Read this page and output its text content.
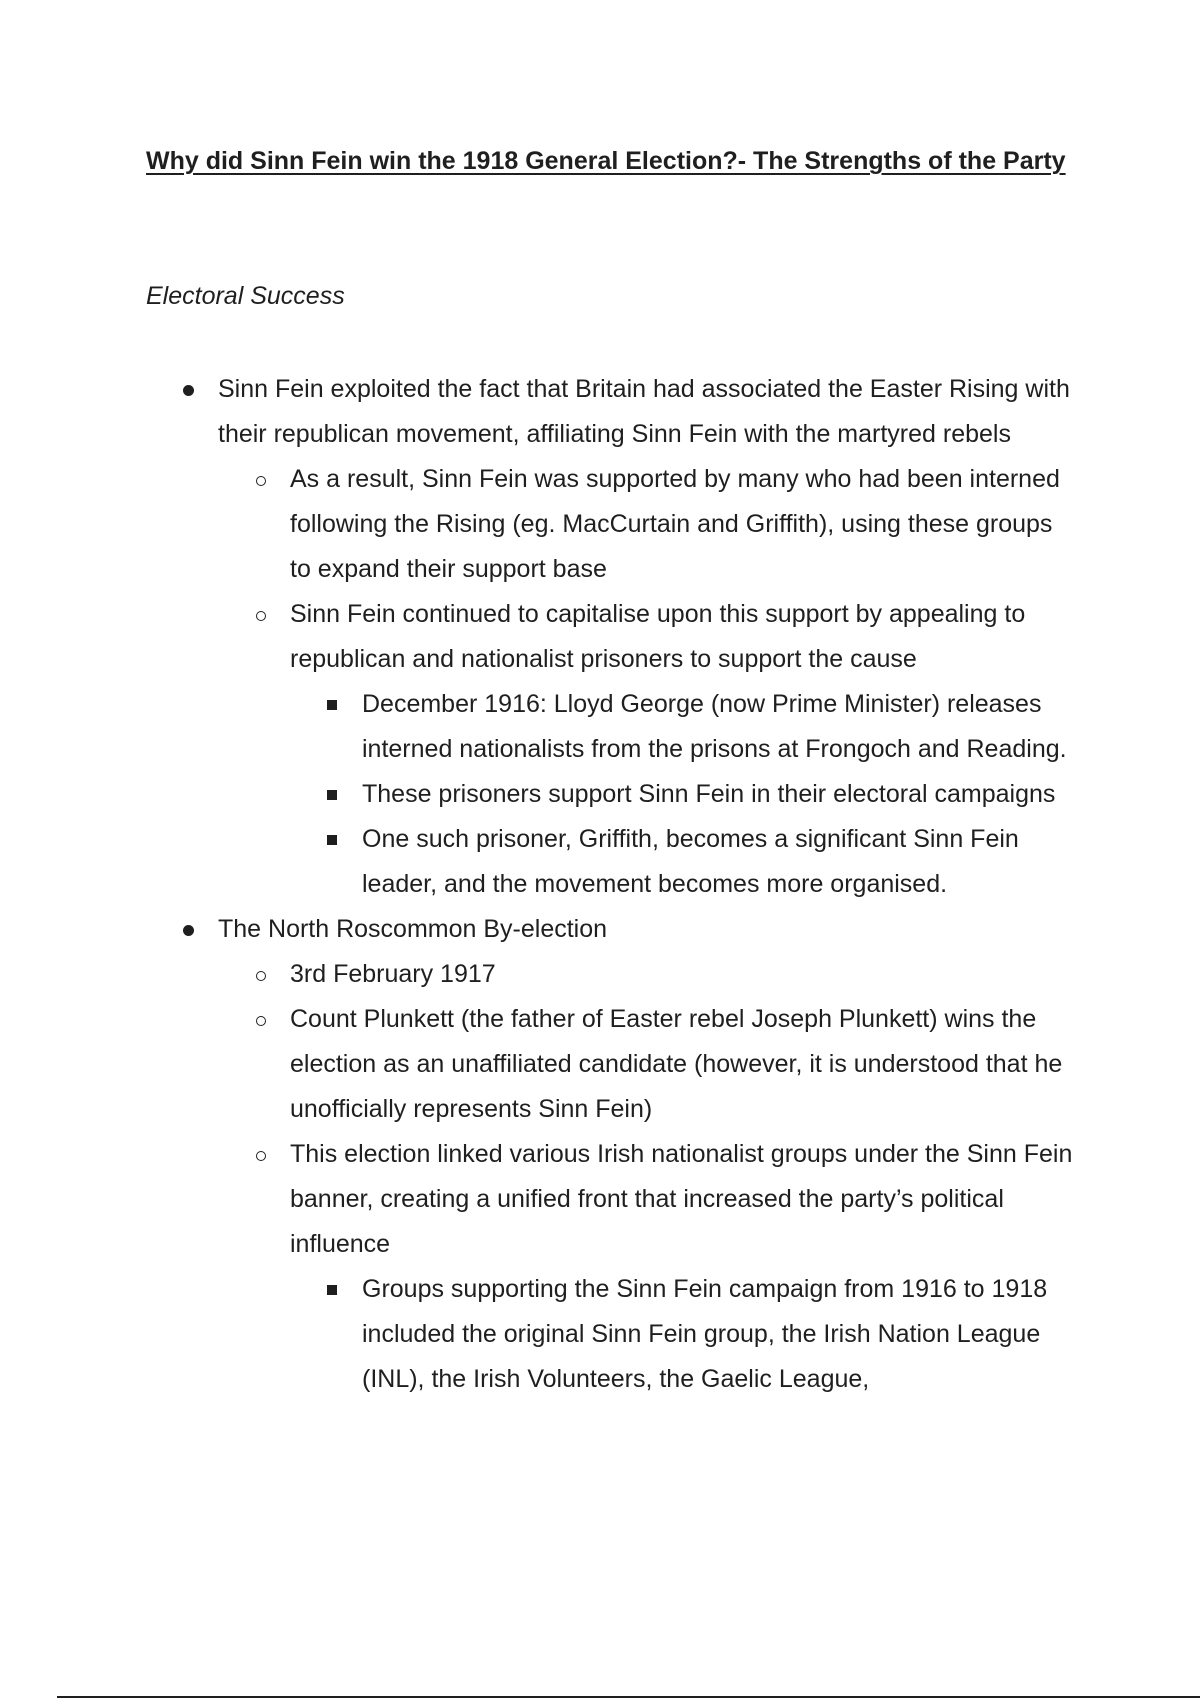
Why did Sinn Fein win the 1918 General Election?- The Strengths of the Party

Electoral Success

Sinn Fein exploited the fact that Britain had associated the Easter Rising with their republican movement, affiliating Sinn Fein with the martyred rebels
As a result, Sinn Fein was supported by many who had been interned following the Rising (eg. MacCurtain and Griffith), using these groups to expand their support base
Sinn Fein continued to capitalise upon this support by appealing to republican and nationalist prisoners to support the cause
December 1916: Lloyd George (now Prime Minister) releases interned nationalists from the prisons at Frongoch and Reading.
These prisoners support Sinn Fein in their electoral campaigns
One such prisoner, Griffith, becomes a significant Sinn Fein leader, and the movement becomes more organised.
The North Roscommon By-election
3rd February 1917
Count Plunkett (the father of Easter rebel Joseph Plunkett) wins the election as an unaffiliated candidate (however, it is understood that he unofficially represents Sinn Fein)
This election linked various Irish nationalist groups under the Sinn Fein banner, creating a unified front that increased the party’s political influence
Groups supporting the Sinn Fein campaign from 1916 to 1918 included the original Sinn Fein group, the Irish Nation League (INL), the Irish Volunteers, the Gaelic League,
